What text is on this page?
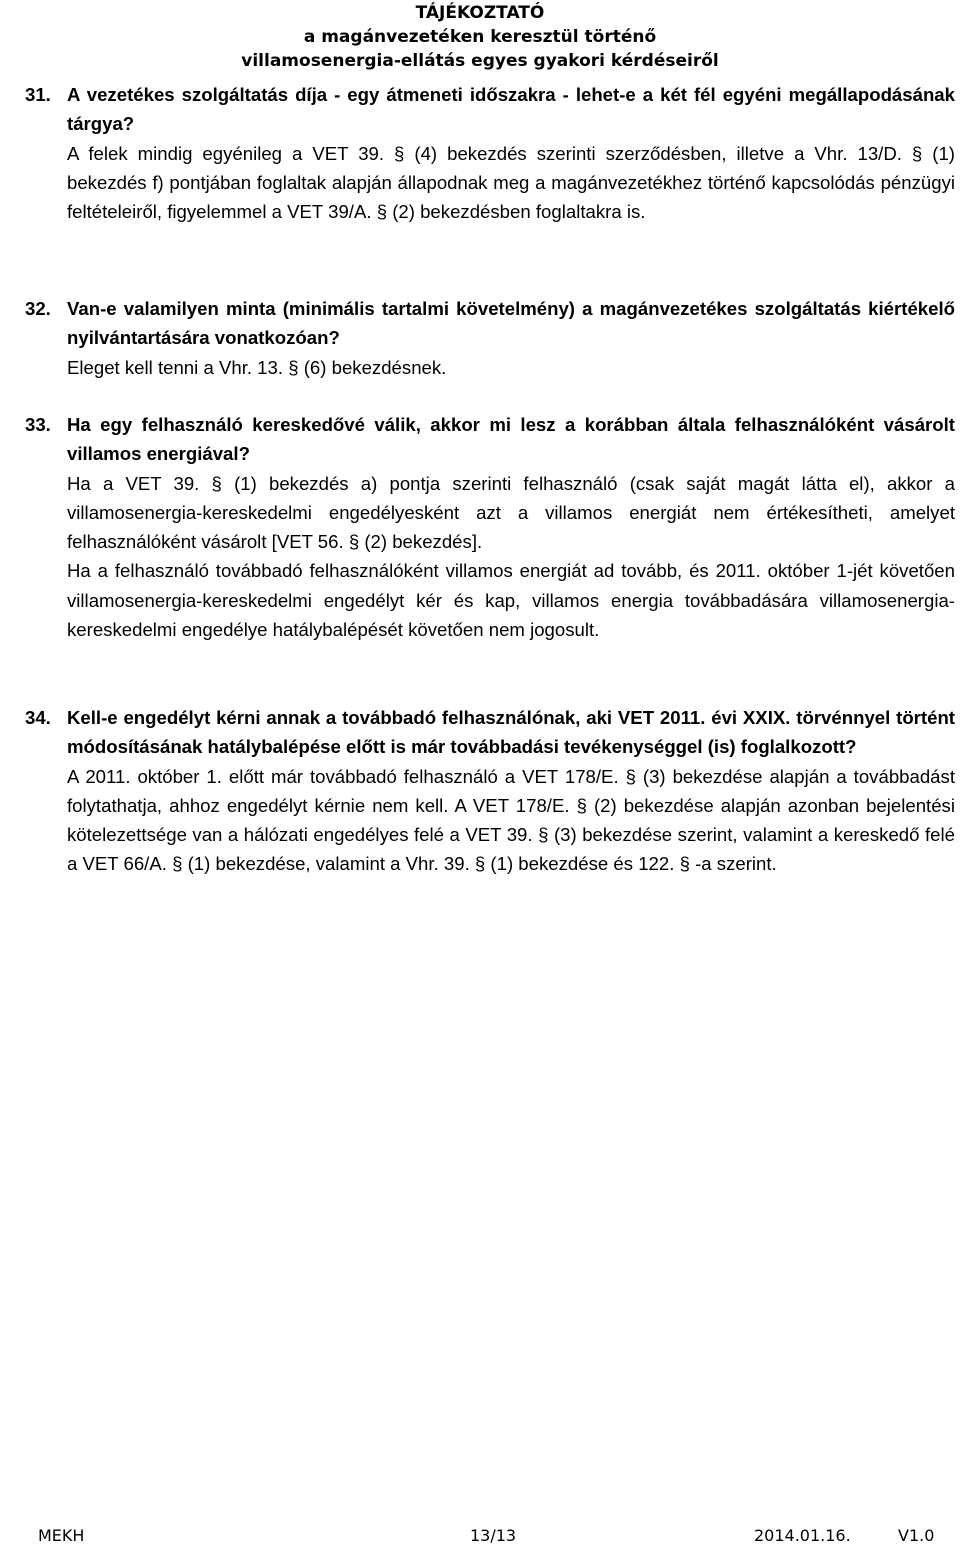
TÁJÉKOZTATÓ
a magánvezetéken keresztül történő
villamosenergia-ellátás egyes gyakori kérdéseiről
31. A vezetékes szolgáltatás díja - egy átmeneti időszakra - lehet-e a két fél egyéni megállapodásának tárgya?

A felek mindig egyénileg a VET 39. § (4) bekezdés szerinti szerződésben, illetve a Vhr. 13/D. § (1) bekezdés f) pontjában foglaltak alapján állapodnak meg a magánvezetékhez történő kapcsolódás pénzügyi feltételeiről, figyelemmel a VET 39/A. § (2) bekezdésben foglaltakra is.

32. Van-e valamilyen minta (minimális tartalmi követelmény) a magánvezetékes szolgáltatás kiértékelő nyilvántartására vonatkozóan?

Eleget kell tenni a Vhr. 13. § (6) bekezdésnek.

33. Ha egy felhasználó kereskedővé válik, akkor mi lesz a korábban általa felhasználóként vásárolt villamos energiával?

Ha a VET 39. § (1) bekezdés a) pontja szerinti felhasználó (csak saját magát látta el), akkor a villamosenergia-kereskedelmi engedélyesként azt a villamos energiát nem értékesítheti, amelyet felhasználóként vásárolt [VET 56. § (2) bekezdés].

Ha a felhasználó továbbadó felhasználóként villamos energiát ad tovább, és 2011. október 1-jét követően villamosenergia-kereskedelmi engedélyt kér és kap, villamos energia továbbadására villamosenergia-kereskedelmi engedélye hatálybalépését követően nem jogosult.

34. Kell-e engedélyt kérni annak a továbbadó felhasználónak, aki VET 2011. évi XXIX. törvénnyel történt módosításának hatálybalépése előtt is már továbbadási tevékenységgel (is) foglalkozott?

A 2011. október 1. előtt már továbbadó felhasználó a VET 178/E. § (3) bekezdése alapján a továbbadást folytathatja, ahhoz engedélyt kérnie nem kell. A VET 178/E. § (2) bekezdése alapján azonban bejelentési kötelezettsége van a hálózati engedélyes felé a VET 39. § (3) bekezdése szerint, valamint a kereskedő felé a VET 66/A. § (1) bekezdése, valamint a Vhr. 39. § (1) bekezdése és 122. § -a szerint.

MEKH	13/13	2014.01.16.	V1.0
